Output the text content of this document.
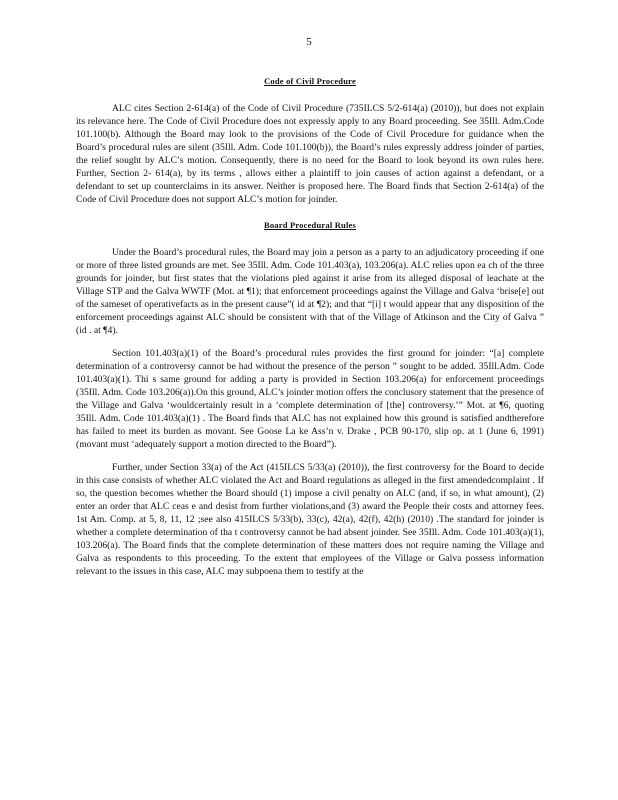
5
Code of Civil Procedure

ALC cites Section 2-614(a) of the Code of Civil Procedure (735ILCS 5/2-614(a) (2010)), but does not explain its relevance here. The Code of Civil Procedure does not expressly apply to any Board proceeding. See 35Ill. Adm.Code 101.100(b). Although the Board may look to the provisions of the Code of Civil Procedure for guidance when the Board’s procedural rules are silent (35Ill. Adm. Code 101.100(b)), the Board’s rules expressly address joinder of parties, the relief sought by ALC’s motion. Consequently, there is no need for the Board to look beyond its own rules here. Further, Section 2- 614(a), by its terms , allows either a plaintiff to join causes of action against a defendant, or a defendant to set up counterclaims in its answer. Neither is proposed here. The Board finds that Section 2-614(a) of the Code of Civil Procedure does not support ALC’s motion for joinder.

Board Procedural Rules

Under the Board’s procedural rules, the Board may join a person as a party to an adjudicatory proceeding if one or more of three listed grounds are met. See 35Ill. Adm. Code 101.403(a), 103.206(a). ALC relies upon ea ch of the three grounds for joinder, but first states that the violations pled against it arise from its alleged disposal of leachate at the Village STP and the Galva WWTF (Mot. at ¶1); that enforcement proceedings against the Village and Galva ‘brise[e] out of the sameset of operativefacts as in the present cause”( id at ¶2); and that “[i] t would appear that any disposition of the enforcement proceedings against ALC should be consistent with that of the Village of Atkinson and the City of Galva ” (id . at ¶4).

Section 101.403(a)(1) of the Board’s procedural rules provides the first ground for joinder: “[a] complete determination of a controversy cannot be had without the presence of the person ” sought to be added. 35Ill.Adm. Code 101.403(a)(1). Thi s same ground for adding a party is provided in Section 103.206(a) for enforcement proceedings (35Ill. Adm. Code 103.206(a)).On this ground, ALC’s joinder motion offers the conclusory statement that the presence of the Village and Galva ‘wouldcertainly result in a ‘complete determination of [the] controversy.’” Mot. at ¶6, quoting 35Ill. Adm. Code 101.403(a)(1) . The Board finds that ALC has not explained how this ground is satisfied andtherefore has failed to meet its burden as movant. See Goose La ke Ass’n v. Drake , PCB 90-170, slip op. at 1 (June 6, 1991) (movant must ‘adequately support a motion directed to the Board”).

Further, under Section 33(a) of the Act (415ILCS 5/33(a) (2010)), the first controversy for the Board to decide in this case consists of whether ALC violated the Act and Board regulations as alleged in the first amendedcomplaint . If so, the question becomes whether the Board should (1) impose a civil penalty on ALC (and, if so, in what amount), (2) enter an order that ALC ceas e and desist from further violations,and (3) award the People their costs and attorney fees. 1st Am. Comp. at 5, 8, 11, 12 ;see also 415ILCS 5/33(b), 33(c), 42(a), 42(f), 42(h) (2010) .The standard for joinder is whether a complete determination of tha t controversy cannot be had absent joinder. See 35Ill. Adm. Code 101.403(a)(1), 103.206(a). The Board finds that the complete determination of these matters does not require naming the Village and Galva as respondents to this proceeding. To the extent that employees of the Village or Galva possess information relevant to the issues in this case, ALC may subpoena them to testify at the
